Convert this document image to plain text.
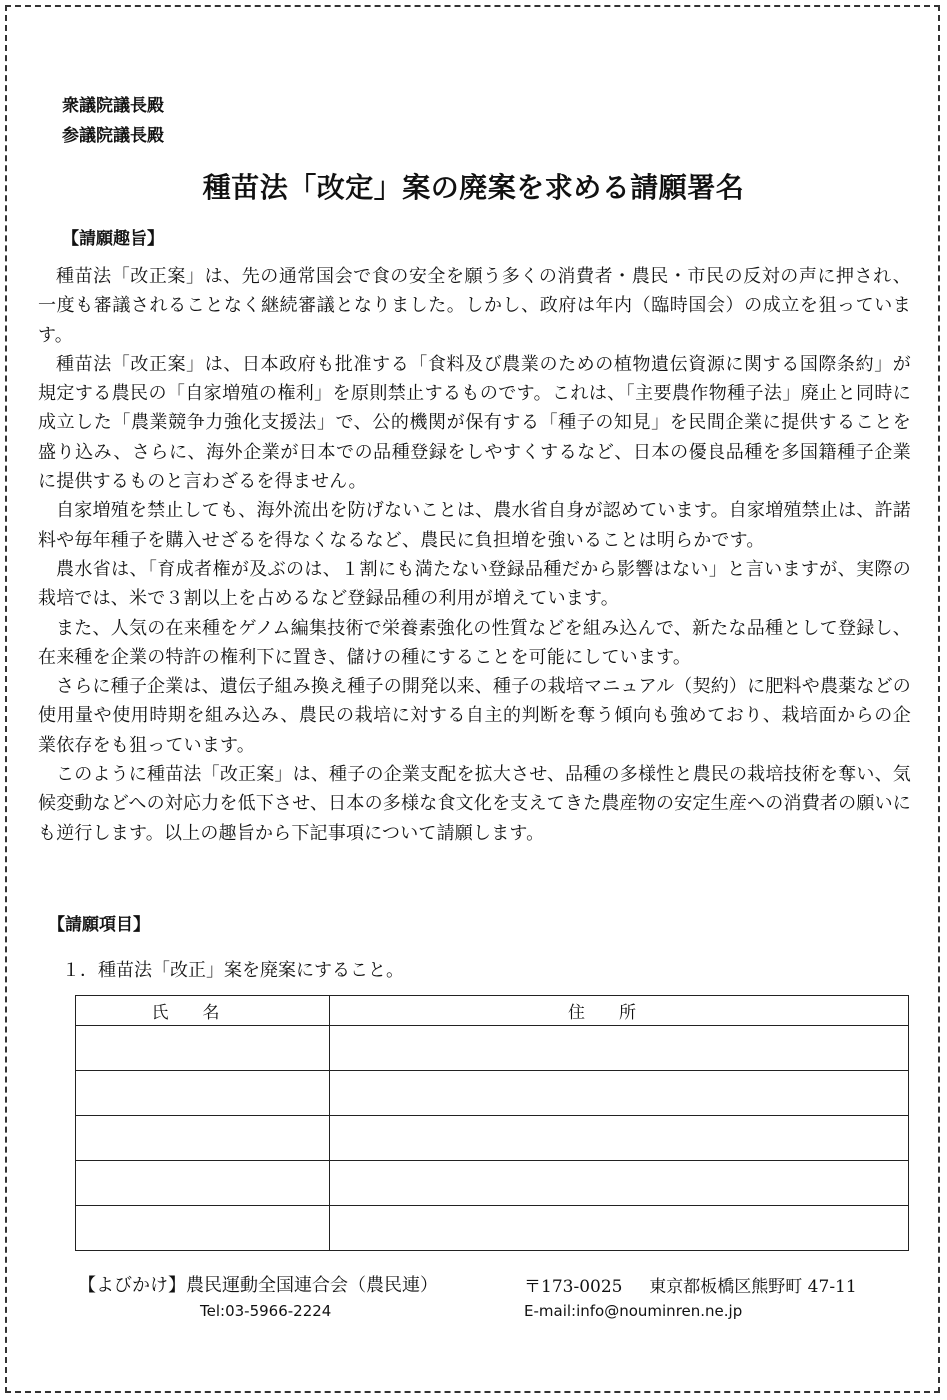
衆議院議長殿
参議院議長殿
種苗法「改定」案の廃案を求める請願署名
【請願趣旨】

種苗法「改正案」は、先の通常国会で食の安全を願う多くの消費者・農民・市民の反対の声に押され、一度も審議されることなく継続審議となりました。しかし、政府は年内（臨時国会）の成立を狙っています。

種苗法「改正案」は、日本政府も批准する「食料及び農業のための植物遺伝資源に関する国際条約」が規定する農民の「自家増殖の権利」を原則禁止するものです。これは、「主要農作物種子法」廃止と同時に成立した「農業競争力強化支援法」で、公的機関が保有する「種子の知見」を民間企業に提供することを盛り込み、さらに、海外企業が日本での品種登録をしやすくするなど、日本の優良品種を多国籍種子企業に提供するものと言わざるを得ません。

自家増殖を禁止しても、海外流出を防げないことは、農水省自身が認めています。自家増殖禁止は、許諾料や毎年種子を購入せざるを得なくなるなど、農民に負担増を強いることは明らかです。

農水省は、「育成者権が及ぶのは、１割にも満たない登録品種だから影響はない」と言いますが、実際の栽培では、米で３割以上を占めるなど登録品種の利用が増えています。

また、人気の在来種をゲノム編集技術で栄養素強化の性質などを組み込んで、新たな品種として登録し、在来種を企業の特許の権利下に置き、儲けの種にすることを可能にしています。

さらに種子企業は、遺伝子組み換え種子の開発以来、種子の栽培マニュアル（契約）に肥料や農薬などの使用量や使用時期を組み込み、農民の栽培に対する自主的判断を奪う傾向も強めており、栽培面からの企業依存をも狙っています。

このように種苗法「改正案」は、種子の企業支配を拡大させ、品種の多様性と農民の栽培技術を奪い、気候変動などへの対応力を低下させ、日本の多様な食文化を支えてきた農産物の安定生産への消費者の願いにも逆行します。以上の趣旨から下記事項について請願します。

【請願項目】
１．種苗法「改正」案を廃案にすること。
氏名	住所

【よびかけ】農民運動全国連合会（農民連）	〒173-0025 東京都板橋区熊野町 47-11
Tel:03-5966-2224	E-mail:info@nouminren.ne.jp
